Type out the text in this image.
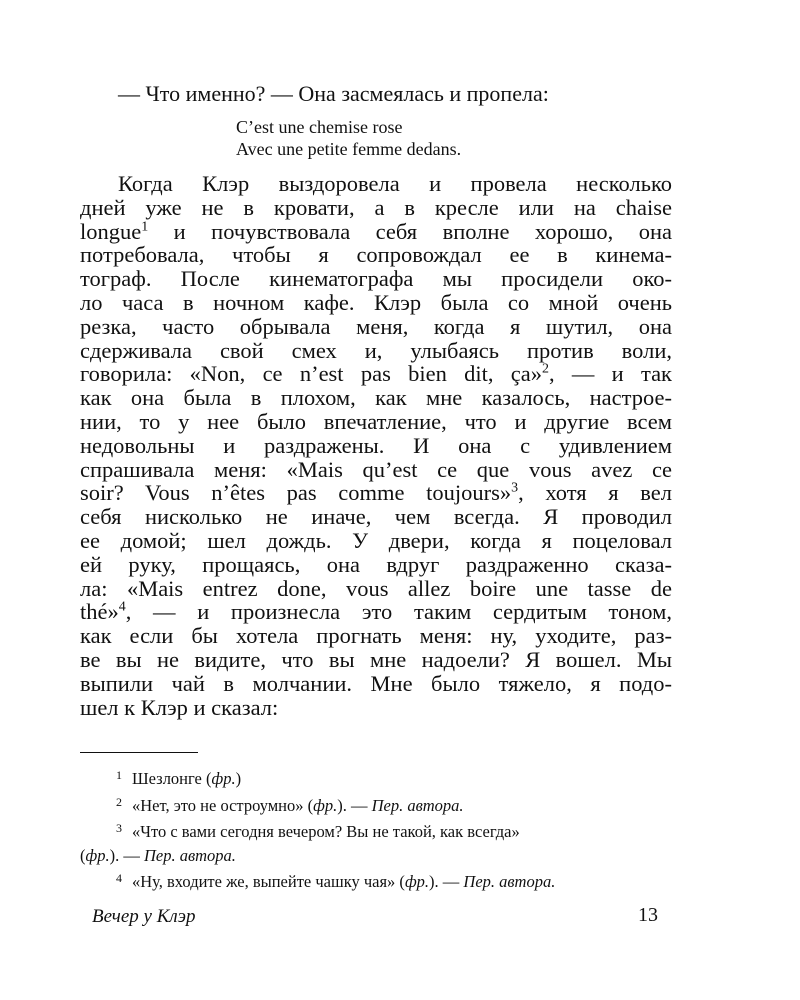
— Что именно? — Она засмеялась и пропела:
C’est une chemise rose
Avec une petite femme dedans.
Когда Клэр выздоровела и провела несколько
дней уже не в кровати, а в кресле или на chaise
longue$^1$ и почувствовала себя вполне хорошо, она
потребовала, чтобы я сопровождал ее в кинема-
тограф. После кинематографа мы просидели око-
ло часа в ночном кафе. Клэр была со мной очень
резка, часто обрывала меня, когда я шутил, она
сдерживала свой смех и, улыбаясь против воли,
говорила: «Non, ce n’est pas bien dit, ça»$^2$, — и так
как она была в плохом, как мне казалось, настрое-
нии, то у нее было впечатление, что и другие всем
недовольны и раздражены. И она с удивлением
спрашивала меня: «Mais qu’est ce que vous avez ce
soir? Vous n’êtes pas comme toujours»$^3$, хотя я вел
себя нисколько не иначе, чем всегда. Я проводил
ее домой; шел дождь. У двери, когда я поцеловал
ей руку, прощаясь, она вдруг раздраженно сказа-
ла: «Mais entrez done, vous allez boire une tasse de
thé»$^4$, — и произнесла это таким сердитым тоном,
как если бы хотела прогнать меня: ну, уходите, раз-
ве вы не видите, что вы мне надоели? Я вошел. Мы
выпили чай в молчании. Мне было тяжело, я подо-
шел к Клэр и сказал:
1 Шезлонге (фр.)
2 «Нет, это не остроумно» (фр.). — Пер. автора.
3 «Что с вами сегодня вечером? Вы не такой, как всегда»
(фр.). — Пер. автора.
4 «Ну, входите же, выпейте чашку чая» (фр.). — Пер. автора.
Вечер у Клэр	13
